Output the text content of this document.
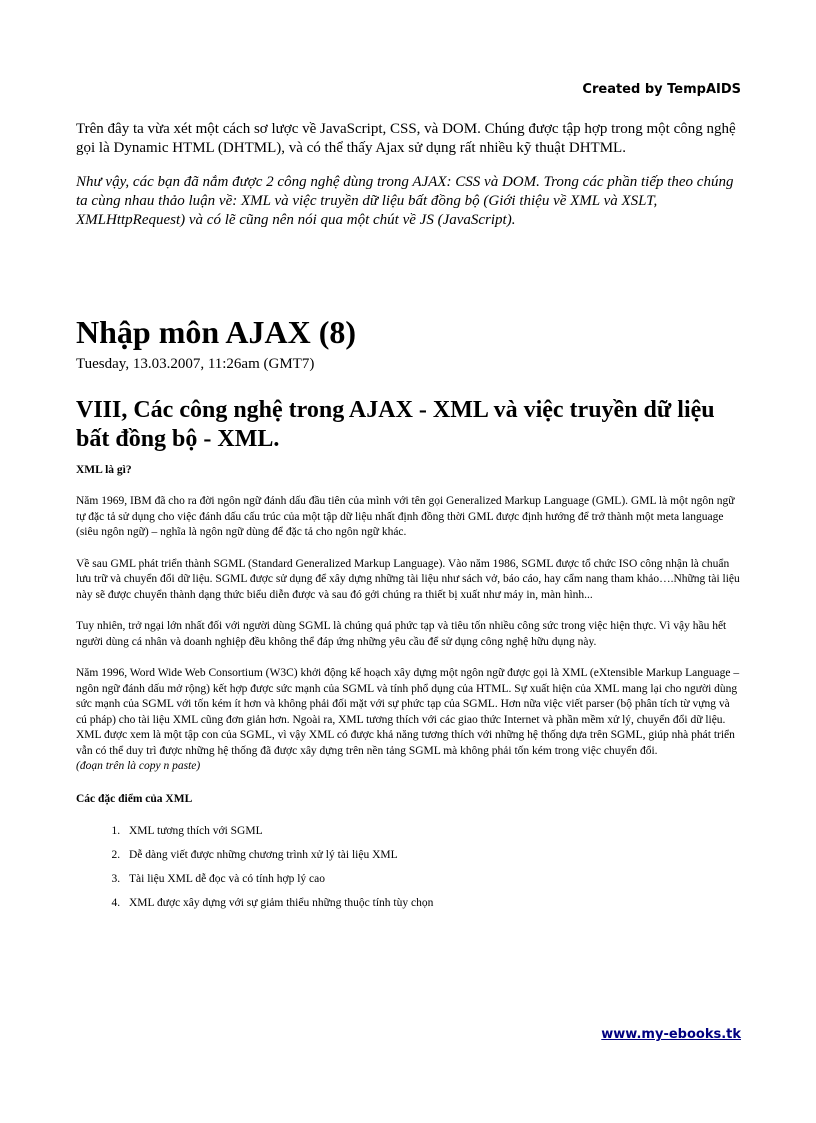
Created by TempAIDS

Trên đây ta vừa xét một cách sơ lược về JavaScript, CSS, và DOM. Chúng được tập hợp trong một công nghệ gọi là Dynamic HTML (DHTML), và có thể thấy Ajax sử dụng rất nhiều kỹ thuật DHTML.

Như vậy, các bạn đã nắm được 2 công nghệ dùng trong AJAX: CSS và DOM. Trong các phần tiếp theo chúng ta cùng nhau thảo luận về: XML và việc truyền dữ liệu bất đồng bộ (Giới thiệu về XML và XSLT, XMLHttpRequest) và có lẽ cũng nên nói qua một chút về JS (JavaScript).

Nhập môn AJAX (8)
Tuesday, 13.03.2007, 11:26am (GMT7)
VIII, Các công nghệ trong AJAX - XML và việc truyền dữ liệu bất đồng bộ - XML.
XML là gì?

Năm 1969, IBM đã cho ra đời ngôn ngữ đánh dấu đầu tiên của mình với tên gọi Generalized Markup Language (GML). GML là một ngôn ngữ tự đặc tả sử dụng cho việc đánh dấu cấu trúc của một tập dữ liệu nhất định đồng thời GML được định hướng để trở thành một meta language (siêu ngôn ngữ) – nghĩa là ngôn ngữ dùng để đặc tả cho ngôn ngữ khác.

Về sau GML phát triển thành SGML (Standard Generalized Markup Language). Vào năm 1986, SGML được tổ chức ISO công nhận là chuẩn lưu trữ và chuyển đổi dữ liệu. SGML được sử dụng để xây dựng những tài liệu như sách vở, báo cáo, hay cẩm nang tham khảo….Những tài liệu này sẽ được chuyển thành dạng thức biểu diễn được và sau đó gởi chúng ra thiết bị xuất như máy in, màn hình...

Tuy nhiên, trở ngại lớn nhất đối với người dùng SGML là chúng quá phức tạp và tiêu tốn nhiều công sức trong việc hiện thực. Vì vậy hầu hết người dùng cá nhân và doanh nghiệp đều không thể đáp ứng những yêu cầu để sử dụng công nghệ hữu dụng này.

Năm 1996, Word Wide Web Consortium (W3C) khởi động kế hoạch xây dựng một ngôn ngữ được gọi là XML (eXtensible Markup Language – ngôn ngữ đánh dấu mở rộng) kết hợp được sức mạnh của SGML và tính phổ dụng của HTML. Sự xuất hiện của XML mang lại cho người dùng sức mạnh của SGML với tốn kém ít hơn và không phải đối mặt với sự phức tạp của SGML. Hơn nữa việc viết parser (bộ phân tích từ vựng và cú pháp) cho tài liệu XML cũng đơn giản hơn. Ngoài ra, XML tương thích với các giao thức Internet và phần mềm xử lý, chuyển đổi dữ liệu. XML được xem là một tập con của SGML, vì vậy XML có được khả năng tương thích với những hệ thống dựa trên SGML, giúp nhà phát triển vẫn có thể duy trì được những hệ thống đã được xây dựng trên nền tảng SGML mà không phải tốn kém trong việc chuyển đổi.
(đoạn trên là copy n paste)

Các đặc điểm của XML
1. XML tương thích với SGML
2. Dễ dàng viết được những chương trình xử lý tài liệu XML
3. Tài liệu XML dễ đọc và có tính hợp lý cao
4. XML được xây dựng với sự giảm thiểu những thuộc tính tùy chọn
www.my-ebooks.tk
